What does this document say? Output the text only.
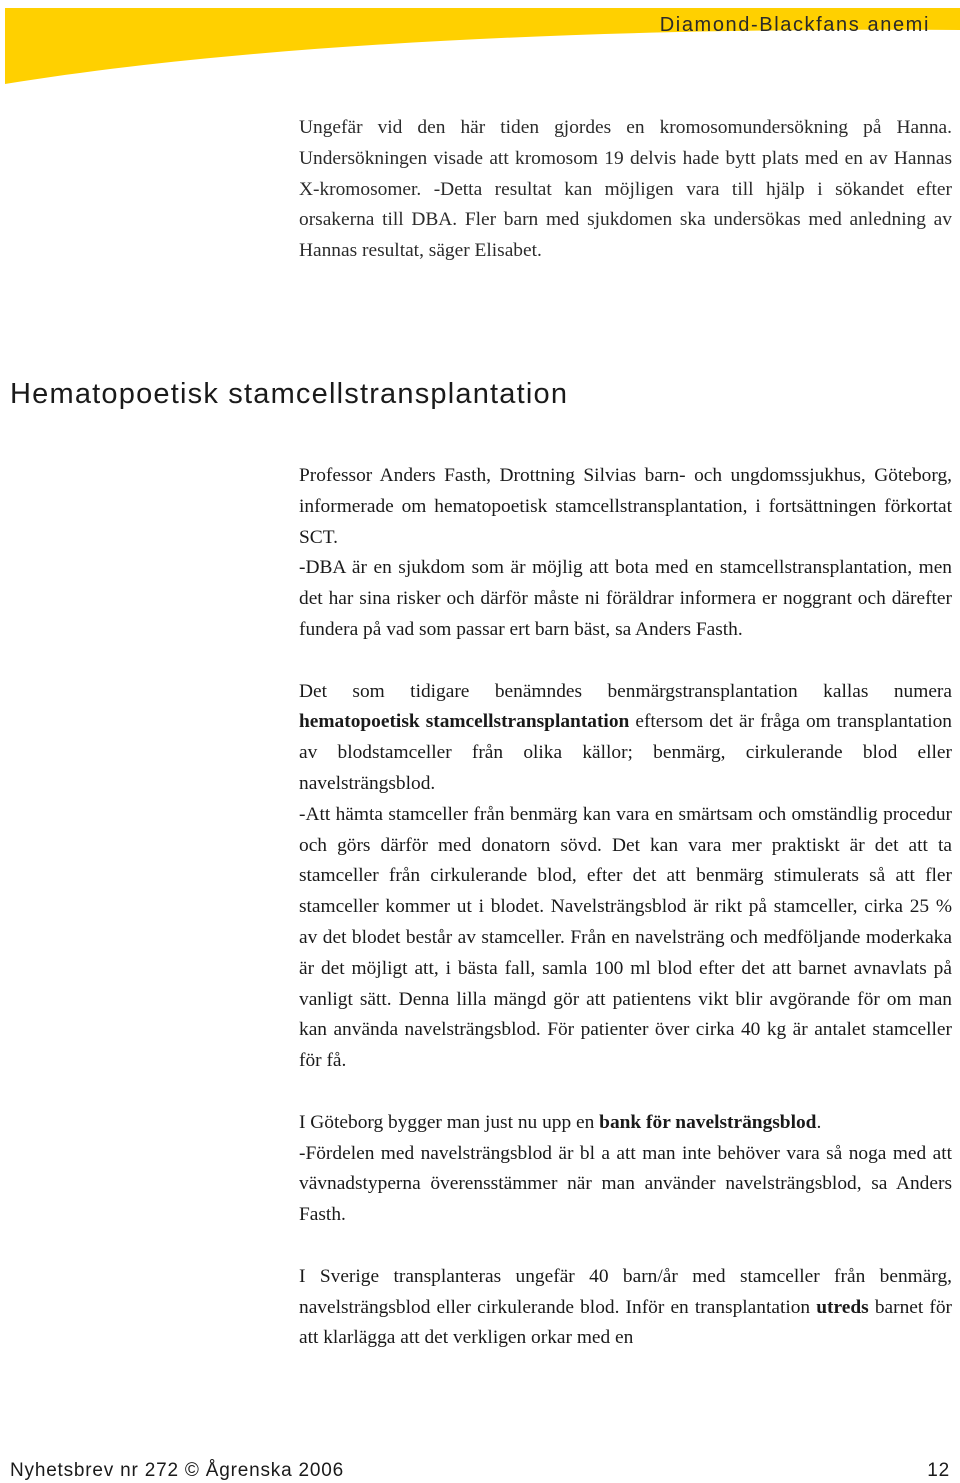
Diamond-Blackfans anemi

Ungefär vid den här tiden gjordes en kromosomundersökning på Hanna. Undersökningen visade att kromosom 19 delvis hade bytt plats med en av Hannas X-kromosomer. -Detta resultat kan möjligen vara till hjälp i sökandet efter orsakerna till DBA. Fler barn med sjukdomen ska undersökas med anledning av Hannas resultat, säger Elisabet.

Hematopoetisk stamcellstransplantation

Professor Anders Fasth, Drottning Silvias barn- och ungdomssjukhus, Göteborg, informerade om hematopoetisk stamcellstransplantation, i fortsättningen förkortat SCT.

-DBA är en sjukdom som är möjlig att bota med en stamcellstransplantation, men det har sina risker och därför måste ni föräldrar informera er noggrant och därefter fundera på vad som passar ert barn bäst, sa Anders Fasth.

Det som tidigare benämndes benmärgstransplantation kallas numera hematopoetisk stamcellstransplantation eftersom det är fråga om transplantation av blodstamceller från olika källor; benmärg, cirkulerande blod eller navelsträngsblod.

-Att hämta stamceller från benmärg kan vara en smärtsam och omständlig procedur och görs därför med donatorn sövd. Det kan vara mer praktiskt är det att ta stamceller från cirkulerande blod, efter det att benmärg stimulerats så att fler stamceller kommer ut i blodet. Navelsträngsblod är rikt på stamceller, cirka 25 % av det blodet består av stamceller. Från en navelsträng och medföljande moderkaka är det möjligt att, i bästa fall, samla 100 ml blod efter det att barnet avnavlats på vanligt sätt. Denna lilla mängd gör att patientens vikt blir avgörande för om man kan använda navelsträngsblod. För patienter över cirka 40 kg är antalet stamceller för få.

I Göteborg bygger man just nu upp en bank för navelsträngsblod.

-Fördelen med navelsträngsblod är bl a att man inte behöver vara så noga med att vävnadstyperna överensstämmer när man använder navelsträngsblod, sa Anders Fasth.

I Sverige transplanteras ungefär 40 barn/år med stamceller från benmärg, navelsträngsblod eller cirkulerande blod. Inför en transplantation utreds barnet för att klarlägga att det verkligen orkar med en

Nyhetsbrev nr 272 © Ågrenska 2006	12
